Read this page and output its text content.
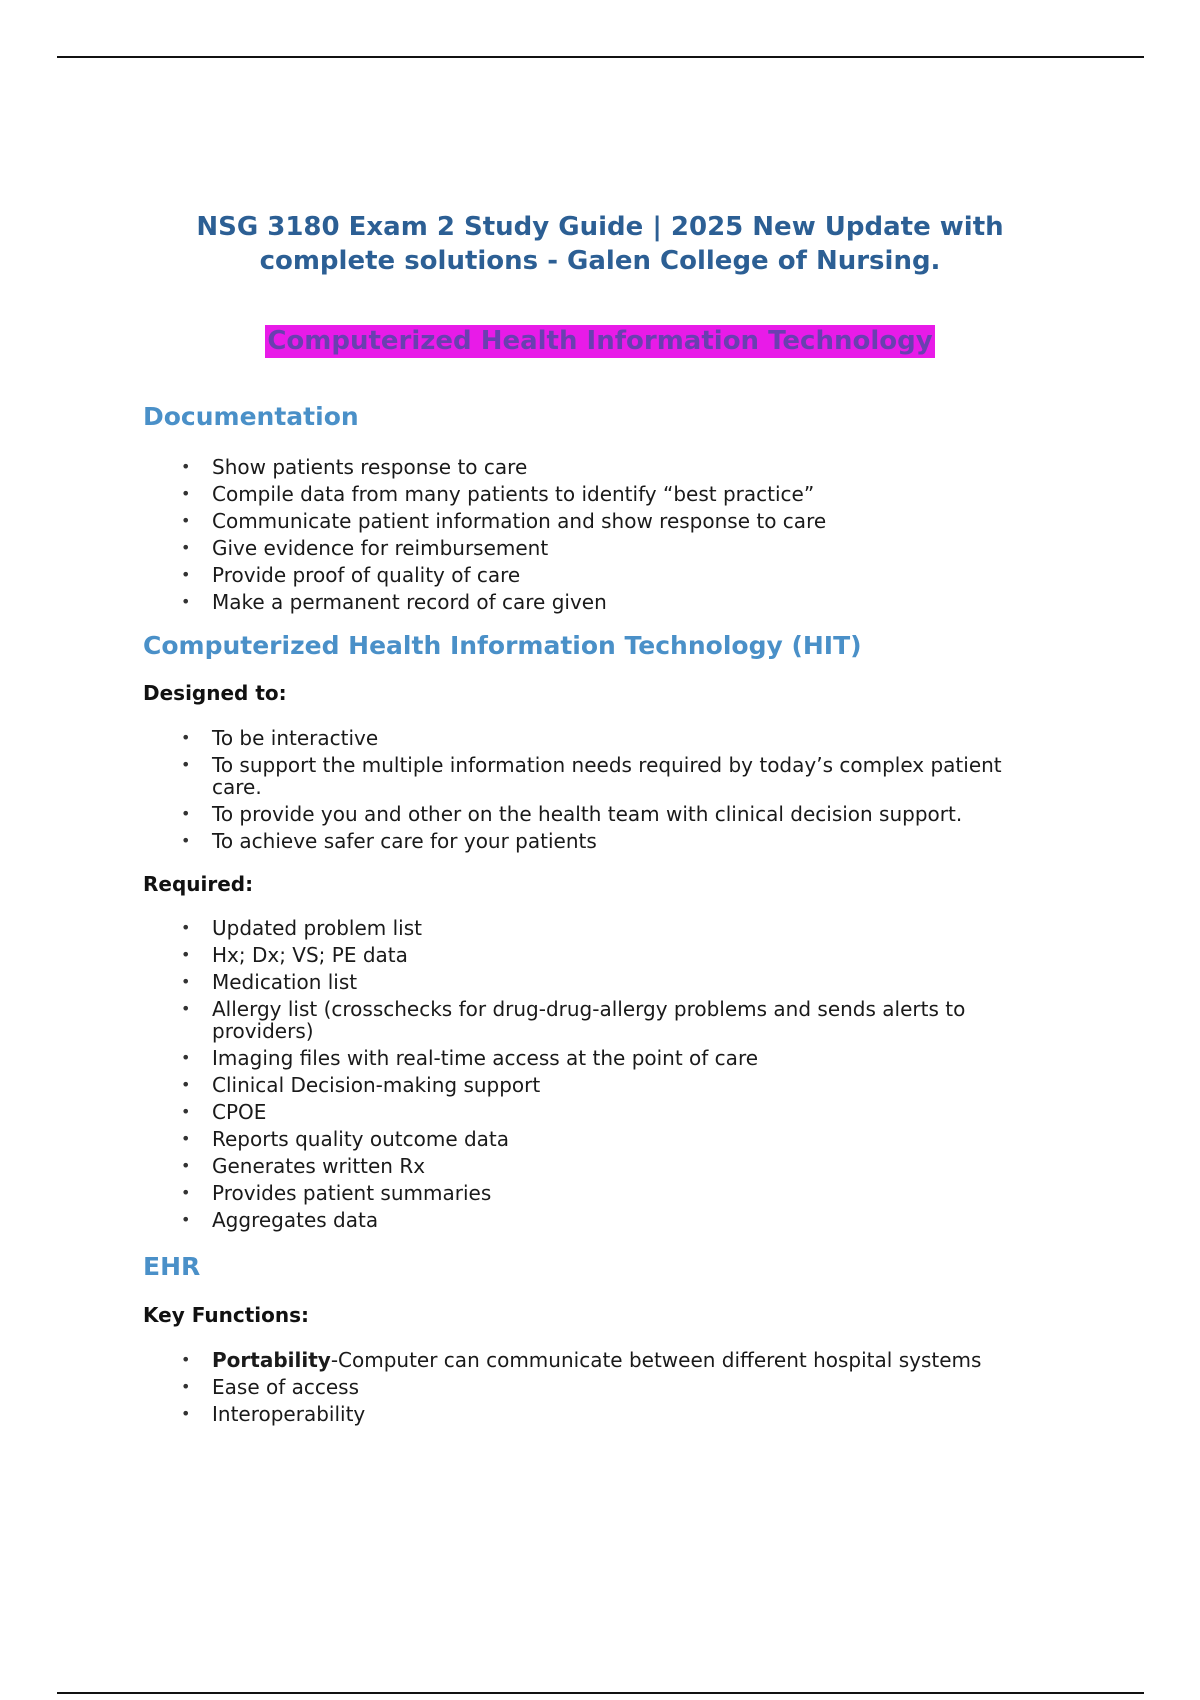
NSG 3180 Exam 2 Study Guide | 2025 New Update with
complete solutions - Galen College of Nursing.
Computerized Health Information Technology
Documentation
• Show patients response to care
• Compile data from many patients to identify “best practice”
• Communicate patient information and show response to care
• Give evidence for reimbursement
• Provide proof of quality of care
• Make a permanent record of care given
Computerized Health Information Technology (HIT)
Designed to:
• To be interactive
• To support the multiple information needs required by today’s complex patient care.
• To provide you and other on the health team with clinical decision support.
• To achieve safer care for your patients
Required:
• Updated problem list
• Hx; Dx; VS; PE data
• Medication list
• Allergy list (crosschecks for drug-drug-allergy problems and sends alerts to providers)
• Imaging files with real-time access at the point of care
• Clinical Decision-making support
• CPOE
• Reports quality outcome data
• Generates written Rx
• Provides patient summaries
• Aggregates data
EHR
Key Functions:
• Portability-Computer can communicate between different hospital systems
• Ease of access
• Interoperability
